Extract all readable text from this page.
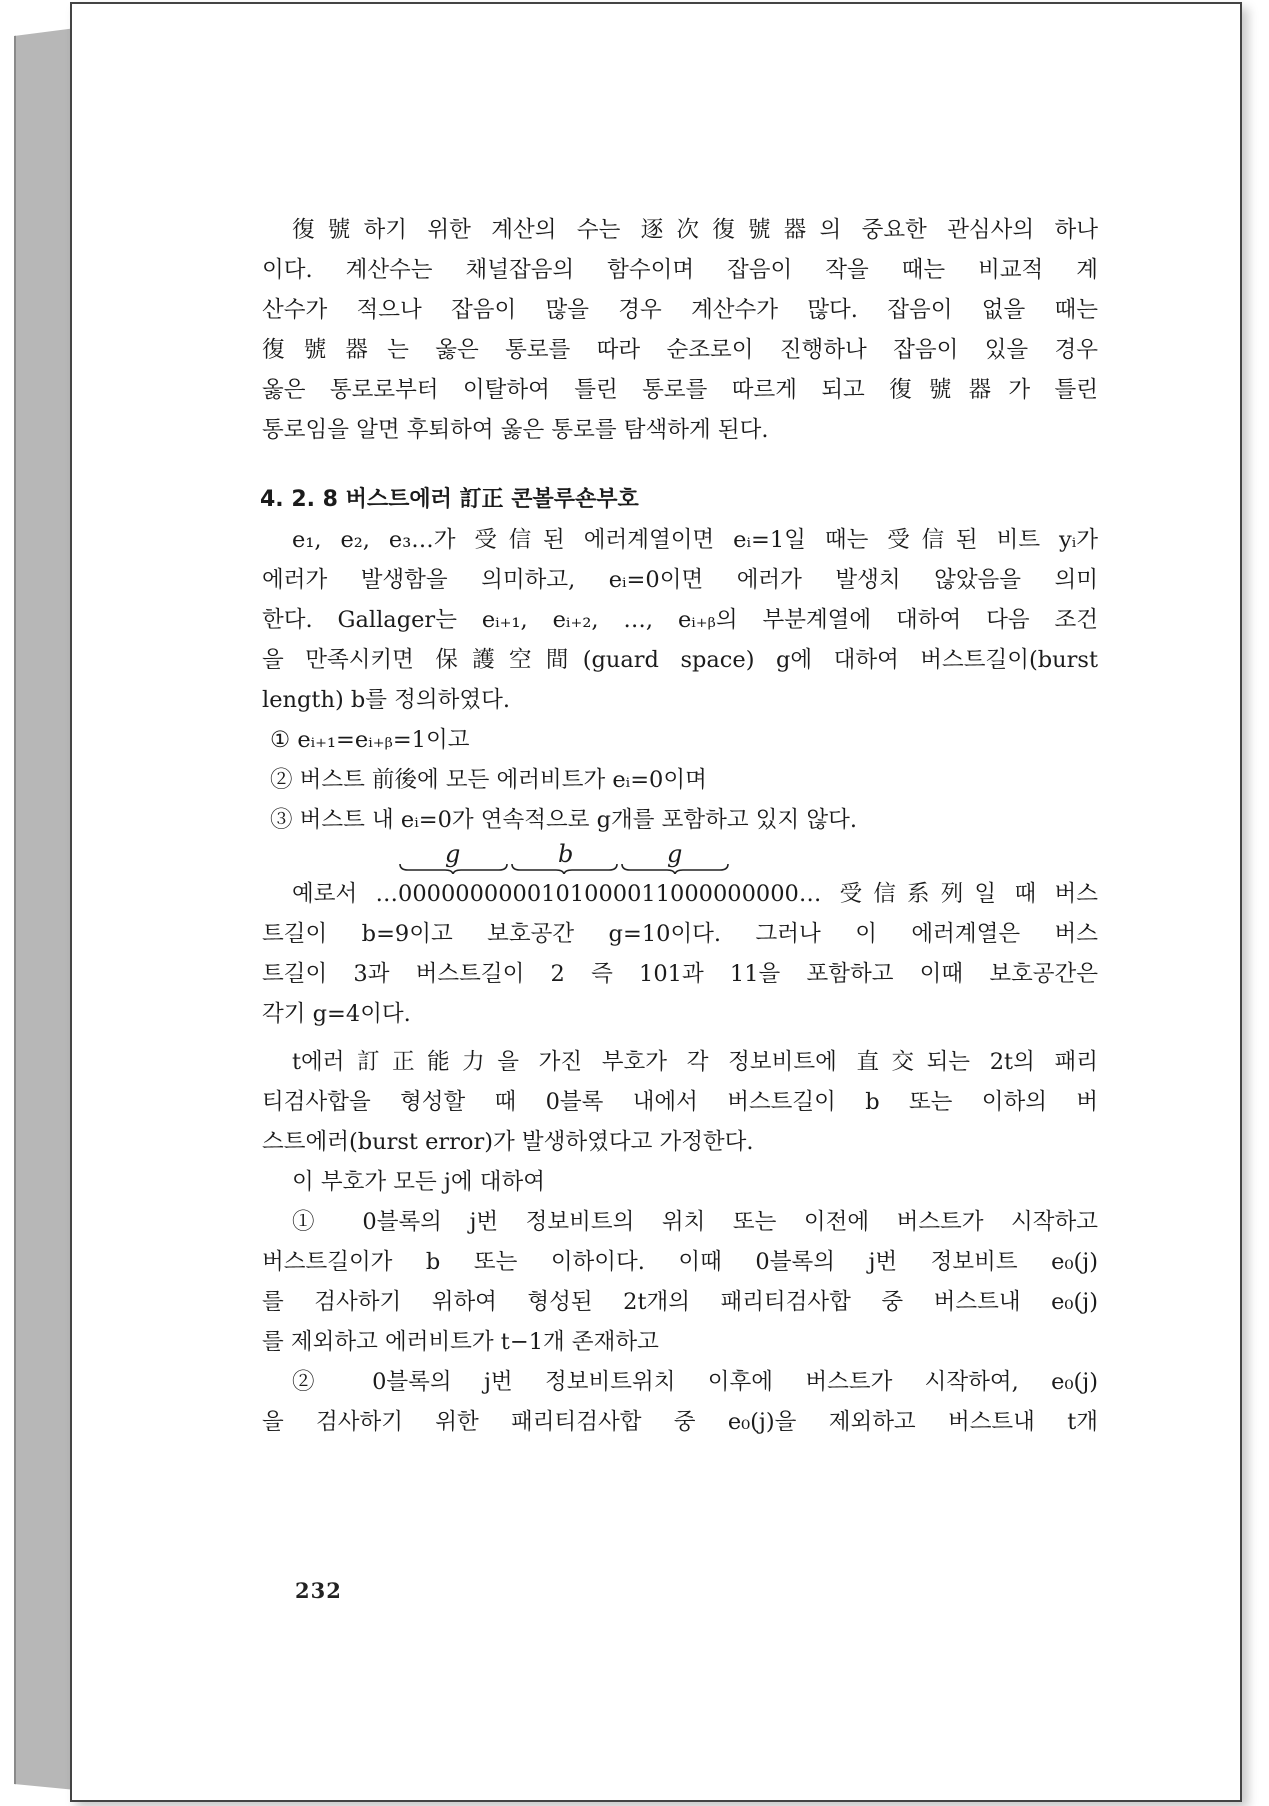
復號하기 위한 계산의 수는 逐次復號器의 중요한 관심사의 하나
이다. 계산수는 채널잡음의 함수이며 잡음이 작을 때는 비교적 계
산수가 적으나 잡음이 많을 경우 계산수가 많다. 잡음이 없을 때는
復號器는 옳은 통로를 따라 순조로이 진행하나 잡음이 있을 경우
옳은 통로로부터 이탈하여 틀린 통로를 따르게 되고 復號器가 틀린
통로임을 알면 후퇴하여 옳은 통로를 탐색하게 된다.
4. 2. 8 버스트에러 訂正 콘볼루숀부호
e₁, e₂, e₃…가 受信된 에러계열이면 eᵢ=1일 때는 受信된 비트 yᵢ가
에러가 발생함을 의미하고, eᵢ=0이면 에러가 발생치 않았음을 의미
한다. Gallager는 eᵢ₊₁, eᵢ₊₂, …, eᵢ₊ᵦ의 부분계열에 대하여 다음 조건
을 만족시키면 保護空間(guard space) g에 대하여 버스트길이(burst
length) b를 정의하였다.
① eᵢ₊₁=eᵢ₊ᵦ=1이고
② 버스트 前後에 모든 에러비트가 eᵢ=0이며
③ 버스트 내 eᵢ=0가 연속적으로 g개를 포함하고 있지 않다.
g	b	g
예로서 …0000000000101000011000000000… 受信系列일 때 버스
트길이 b=9이고 보호공간 g=10이다. 그러나 이 에러계열은 버스
트길이 3과 버스트길이 2 즉 101과 11을 포함하고 이때 보호공간은
각기 g=4이다.
t에러訂正能力을 가진 부호가 각 정보비트에 直交되는 2t의 패리
티검사합을 형성할 때 0블록 내에서 버스트길이 b 또는 이하의 버
스트에러(burst error)가 발생하였다고 가정한다.
이 부호가 모든 j에 대하여
① 0블록의 j번 정보비트의 위치 또는 이전에 버스트가 시작하고
버스트길이가 b 또는 이하이다. 이때 0블록의 j번 정보비트 e₀(j)
를 검사하기 위하여 형성된 2t개의 패리티검사합 중 버스트내 e₀(j)
를 제외하고 에러비트가 t−1개 존재하고
② 0블록의 j번 정보비트위치 이후에 버스트가 시작하여, e₀(j)
을 검사하기 위한 패리티검사합 중 e₀(j)을 제외하고 버스트내 t개
232
